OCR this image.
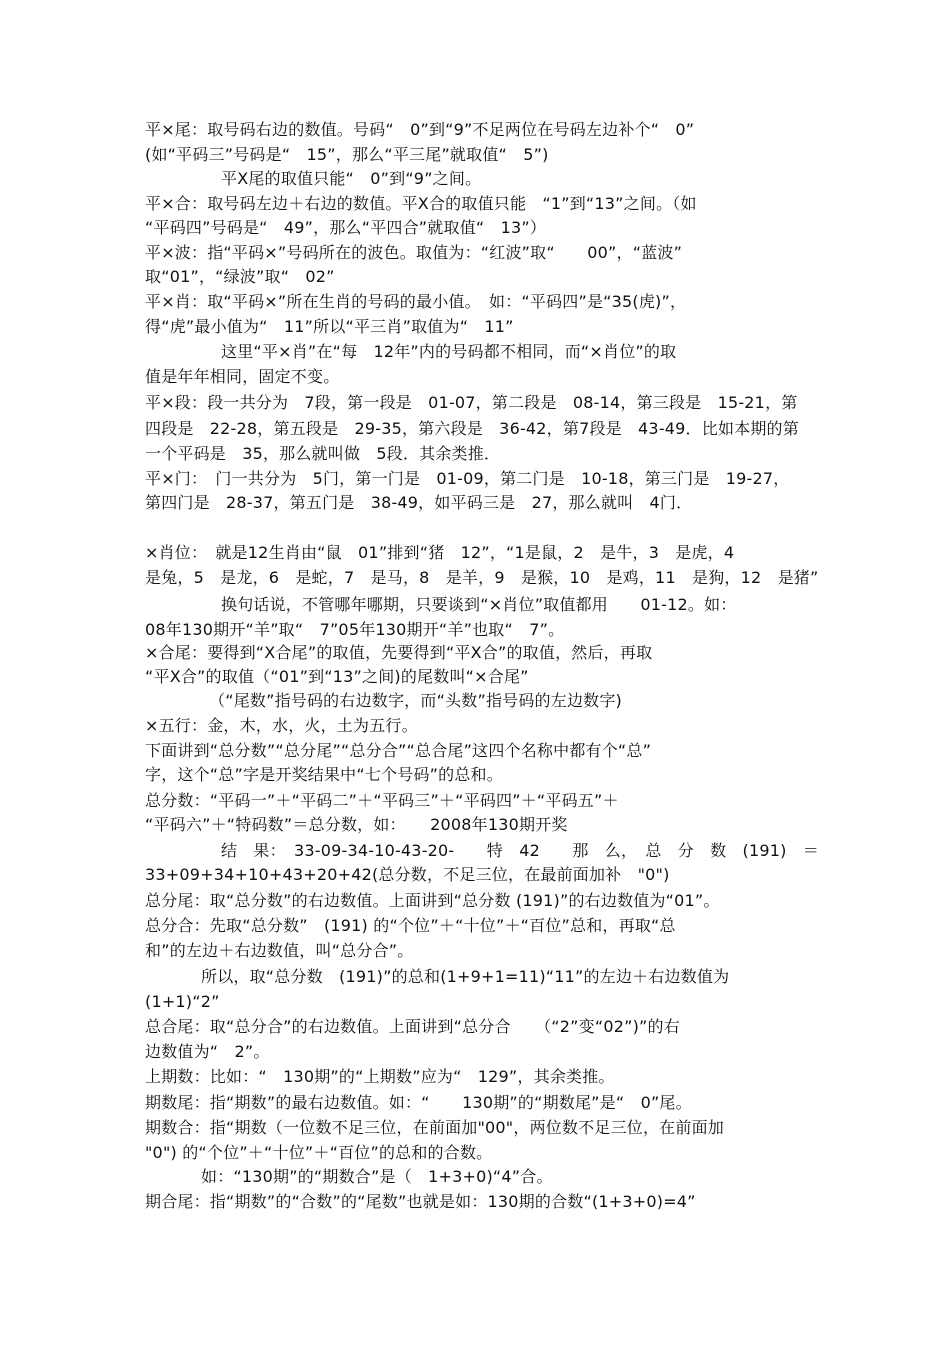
平×尾：取号码右边的数值。号码“　0”到“9”不足两位在号码左边补个“　0”
(如“平码三”号码是“　15”，那么“平三尾”就取值“　5”)
平X尾的取值只能“　0”到“9”之间。
平×合：取号码左边＋右边的数值。平X合的取值只能　“1”到“13”之间。（如
“平码四”号码是“　49”，那么“平四合”就取值“　13”）
平×波：指“平码×”号码所在的波色。取值为：“红波”取“　　00”，“蓝波”
取“01”，“绿波”取“　02”
平×肖：取“平码×”所在生肖的号码的最小值。　如：“平码四”是“35(虎)”，
得“虎”最小值为“　11”所以“平三肖”取值为“　11”
这里“平×肖”在“每　12年”内的号码都不相同，而“×肖位”的取
值是年年相同，固定不变。
平×段：段一共分为　7段，第一段是　01-07，第二段是　08-14，第三段是　15-21，第
四段是　22-28，第五段是　29-35，第六段是　36-42，第7段是　43-49．比如本期的第
一个平码是　35，那么就叫做　5段．其余类推．
平×门：　门一共分为　5门，第一门是　01-09，第二门是　10-18，第三门是　19-27，
第四门是　28-37，第五门是　38-49，如平码三是　27，那么就叫　4门．
×肖位：　就是12生肖由“鼠　01”排到“猪　12”，“1是鼠，2　是牛，3　是虎，4
是兔，5　是龙，6　是蛇，7　是马，8　是羊，9　是猴，10　是鸡，11　是狗，12　是猪”
换句话说，不管哪年哪期，只要谈到“×肖位”取值都用　　01-12。如：
08年130期开“羊”取“　7”05年130期开“羊”也取“　7”。
×合尾：要得到“X合尾”的取值，先要得到“平X合”的取值，然后，再取
“平X合”的取值（“01”到“13”之间)的尾数叫“×合尾”
（“尾数”指号码的右边数字，而“头数”指号码的左边数字)
×五行：金，木，水，火，土为五行。
下面讲到“总分数”“总分尾”“总分合”“总合尾”这四个名称中都有个“总”
字，这个“总”字是开奖结果中“七个号码”的总和。
总分数：“平码一”＋“平码二”＋“平码三”＋“平码四”＋“平码五”＋
“平码六”＋“特码数”＝总分数，如：　　2008年130期开奖
结　果：　33-09-34-10-43-20-　　特　42　　那　么，　总　分　数　(191)　＝
33+09+34+10+43+20+42(总分数，不足三位，在最前面加补　"0")
总分尾：取“总分数”的右边数值。上面讲到“总分数 (191)”的右边数值为“01”。
总分合：先取“总分数”　(191) 的“个位”＋“十位”＋“百位”总和，再取“总
和”的左边＋右边数值，叫“总分合”。
所以，取“总分数　(191)”的总和(1+9+1=11)“11”的左边＋右边数值为
(1+1)“2”
总合尾：取“总分合”的右边数值。上面讲到“总分合　　（“2”变“02”)”的右
边数值为“　2”。
上期数：比如：“　130期”的“上期数”应为“　129”，其余类推。
期数尾：指“期数”的最右边数值。如：“　　130期”的“期数尾”是“　0”尾。
期数合：指“期数（一位数不足三位，在前面加"00"，两位数不足三位，在前面加
"0") 的“个位”＋“十位”＋“百位”的总和的合数。
如：“130期”的“期数合”是（　1+3+0)“4”合。
期合尾：指“期数”的“合数”的“尾数”也就是如：130期的合数“(1+3+0)=4”
